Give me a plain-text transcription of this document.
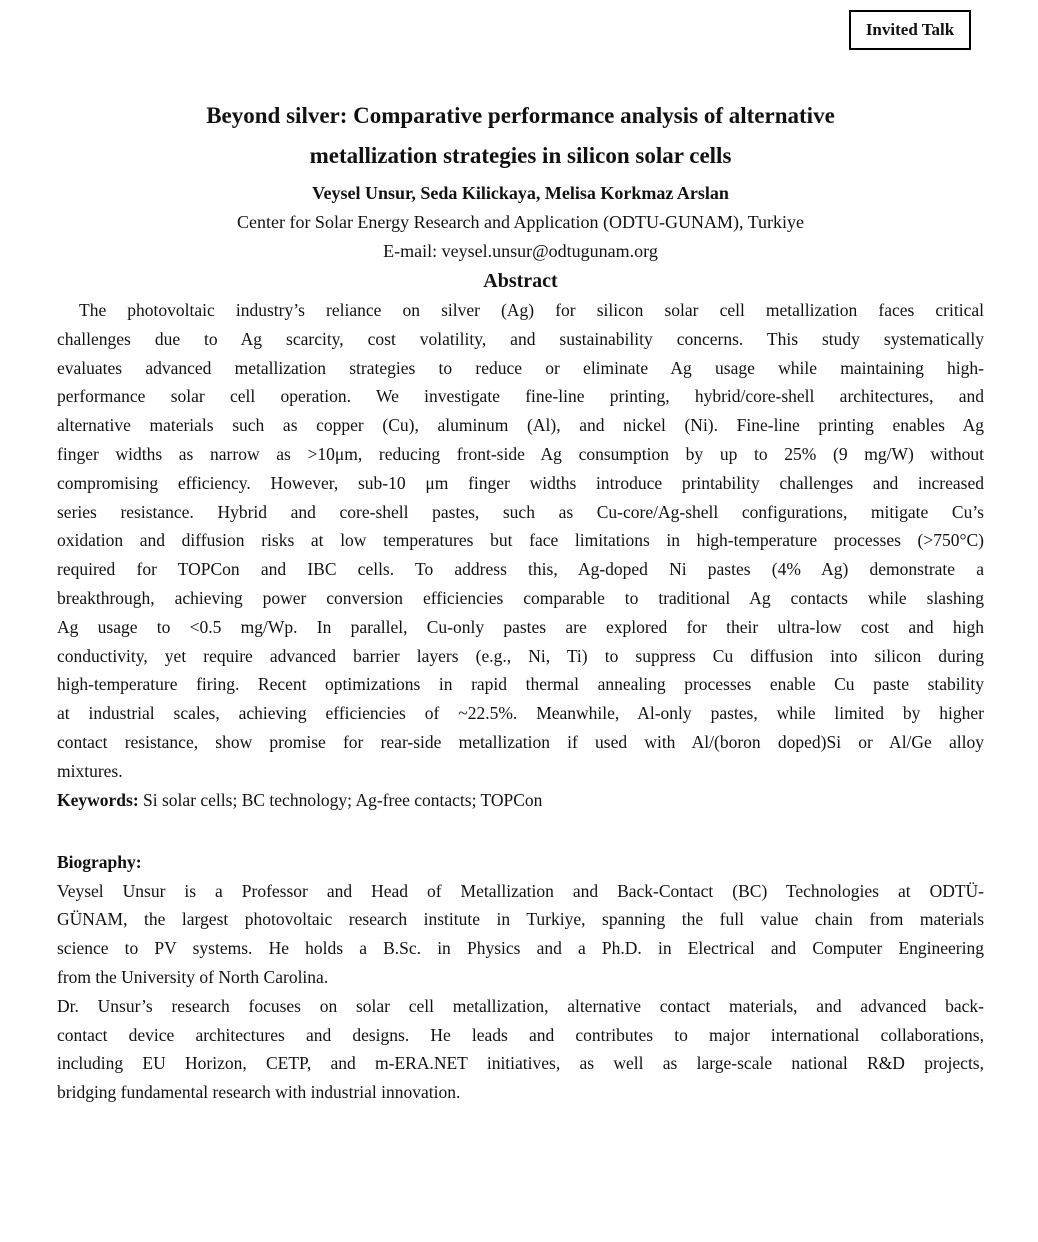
Invited Talk
Beyond silver: Comparative performance analysis of alternative
metallization strategies in silicon solar cells
Veysel Unsur, Seda Kilickaya, Melisa Korkmaz Arslan
Center for Solar Energy Research and Application (ODTU-GUNAM), Turkiye
E-mail: veysel.unsur@odtugunam.org
Abstract
The photovoltaic industry’s reliance on silver (Ag) for silicon solar cell metallization faces critical
challenges due to Ag scarcity, cost volatility, and sustainability concerns. This study systematically
evaluates advanced metallization strategies to reduce or eliminate Ag usage while maintaining high-
performance solar cell operation. We investigate fine-line printing, hybrid/core-shell architectures, and
alternative materials such as copper (Cu), aluminum (Al), and nickel (Ni). Fine-line printing enables Ag
finger widths as narrow as >10μm, reducing front-side Ag consumption by up to 25% (9 mg/W) without
compromising efficiency. However, sub-10 μm finger widths introduce printability challenges and increased
series resistance. Hybrid and core-shell pastes, such as Cu-core/Ag-shell configurations, mitigate Cu’s
oxidation and diffusion risks at low temperatures but face limitations in high-temperature processes (>750°C)
required for TOPCon and IBC cells. To address this, Ag-doped Ni pastes (4% Ag) demonstrate a
breakthrough, achieving power conversion efficiencies comparable to traditional Ag contacts while slashing
Ag usage to <0.5 mg/Wp. In parallel, Cu-only pastes are explored for their ultra-low cost and high
conductivity, yet require advanced barrier layers (e.g., Ni, Ti) to suppress Cu diffusion into silicon during
high-temperature firing. Recent optimizations in rapid thermal annealing processes enable Cu paste stability
at industrial scales, achieving efficiencies of ~22.5%. Meanwhile, Al-only pastes, while limited by higher
contact resistance, show promise for rear-side metallization if used with Al/(boron doped)Si or Al/Ge alloy
mixtures.
Keywords: Si solar cells; BC technology; Ag-free contacts; TOPCon
Biography:
Veysel Unsur is a Professor and Head of Metallization and Back-Contact (BC) Technologies at ODTÜ-
GÜNAM, the largest photovoltaic research institute in Turkiye, spanning the full value chain from materials
science to PV systems. He holds a B.Sc. in Physics and a Ph.D. in Electrical and Computer Engineering
from the University of North Carolina.
Dr. Unsur’s research focuses on solar cell metallization, alternative contact materials, and advanced back-
contact device architectures and designs. He leads and contributes to major international collaborations,
including EU Horizon, CETP, and m-ERA.NET initiatives, as well as large-scale national R&D projects,
bridging fundamental research with industrial innovation.
